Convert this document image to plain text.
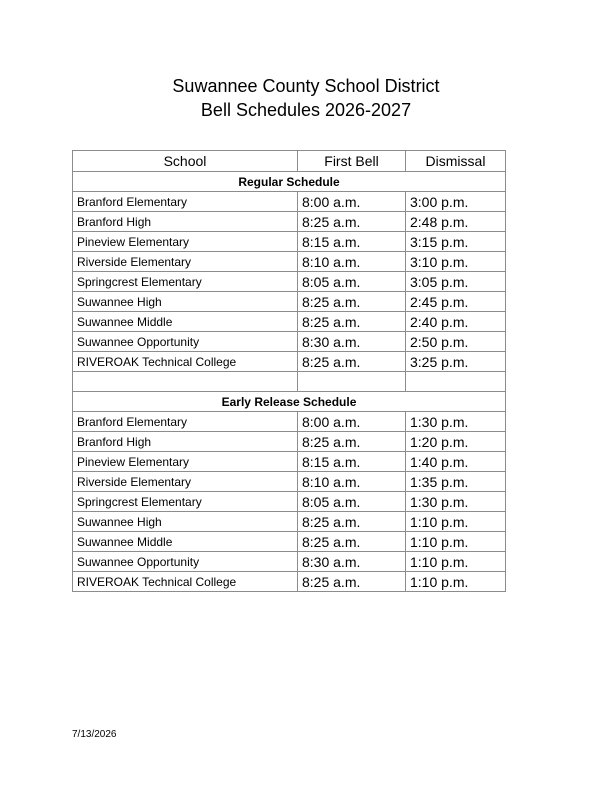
Suwannee County School District
Bell Schedules 2026-2027
School	First Bell	Dismissal
Regular Schedule		
Branford Elementary	8:00 a.m.	3:00 p.m.
Branford High	8:25 a.m.	2:48 p.m.
Pineview Elementary	8:15 a.m.	3:15 p.m.
Riverside Elementary	8:10 a.m.	3:10 p.m.
Springcrest Elementary	8:05 a.m.	3:05 p.m.
Suwannee High	8:25 a.m.	2:45 p.m.
Suwannee Middle	8:25 a.m.	2:40 p.m.
Suwannee Opportunity	8:30 a.m.	2:50 p.m.
RIVEROAK Technical College	8:25 a.m.	3:25 p.m.

Early Release Schedule		
Branford Elementary	8:00 a.m.	1:30 p.m.
Branford High	8:25 a.m.	1:20 p.m.
Pineview Elementary	8:15 a.m.	1:40 p.m.
Riverside Elementary	8:10 a.m.	1:35 p.m.
Springcrest Elementary	8:05 a.m.	1:30 p.m.
Suwannee High	8:25 a.m.	1:10 p.m.
Suwannee Middle	8:25 a.m.	1:10 p.m.
Suwannee Opportunity	8:30 a.m.	1:10 p.m.
RIVEROAK Technical College	8:25 a.m.	1:10 p.m.
7/13/2026
